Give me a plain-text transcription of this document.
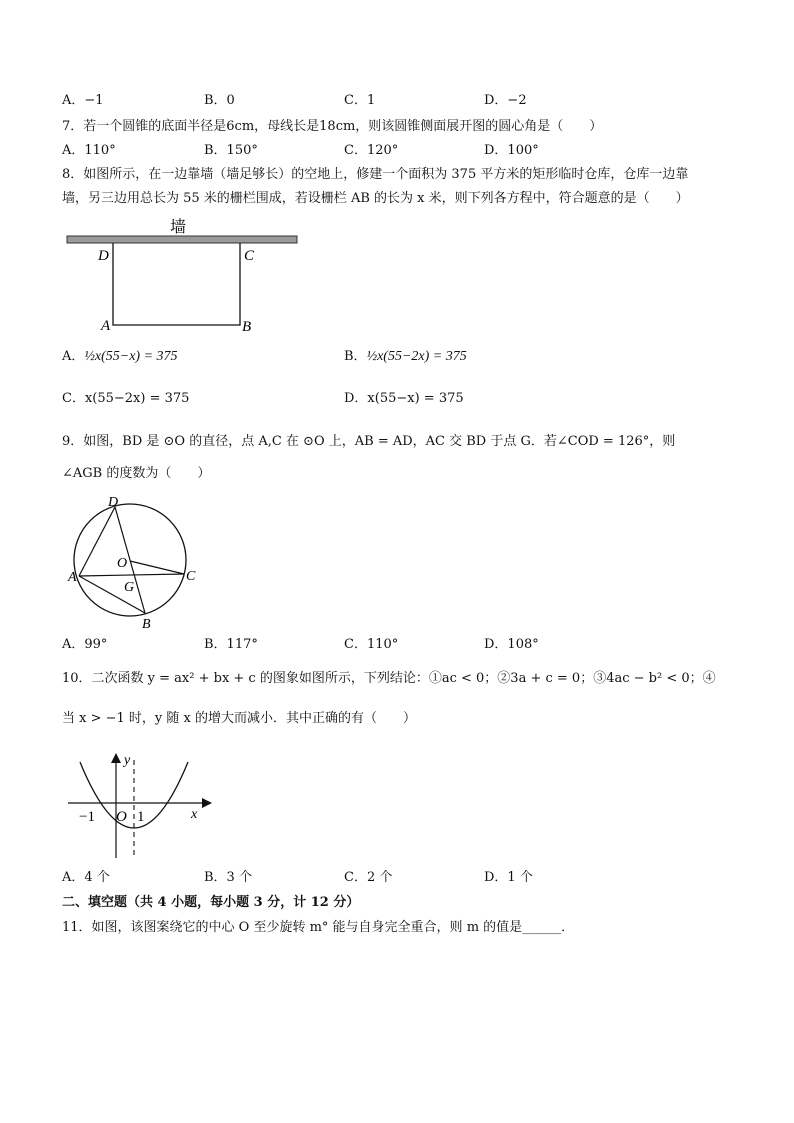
A．−1	B．0	C．1	D．−2
7．若一个圆锥的底面半径是6cm，母线长是18cm，则该圆锥侧面展开图的圆心角是（　　）
A．110°	B．150°	C．120°	D．100°
8．如图所示，在一边靠墙（墙足够长）的空地上，修建一个面积为 375 平方米的矩形临时仓库，仓库一边靠
墙，另三边用总长为 55 米的栅栏围成，若设栅栏 AB 的长为 x 米，则下列各方程中，符合题意的是（　　）
墙
D	C
A	B
A．½x(55−x) = 375	B．½x(55−2x) = 375
C．x(55−2x) = 375	D．x(55−x) = 375
9．如图，BD 是 ⊙O 的直径，点 A,C 在 ⊙O 上，AB = AD，AC 交 BD 于点 G．若∠COD = 126°，则
∠AGB 的度数为（　　）
D
O
A	C
G
B
A．99°	B．117°	C．110°	D．108°
10．二次函数 y = ax² + bx + c 的图象如图所示，下列结论：①ac < 0；②3a + c = 0；③4ac − b² < 0；④
当 x > −1 时，y 随 x 的增大而减小．其中正确的有（　　）
y
x
−1 O 1
A．4 个	B．3 个	C．2 个	D．1 个
二、填空题（共 4 小题，每小题 3 分，计 12 分）
11．如图，该图案绕它的中心 O 至少旋转 m° 能与自身完全重合，则 m 的值是______．
